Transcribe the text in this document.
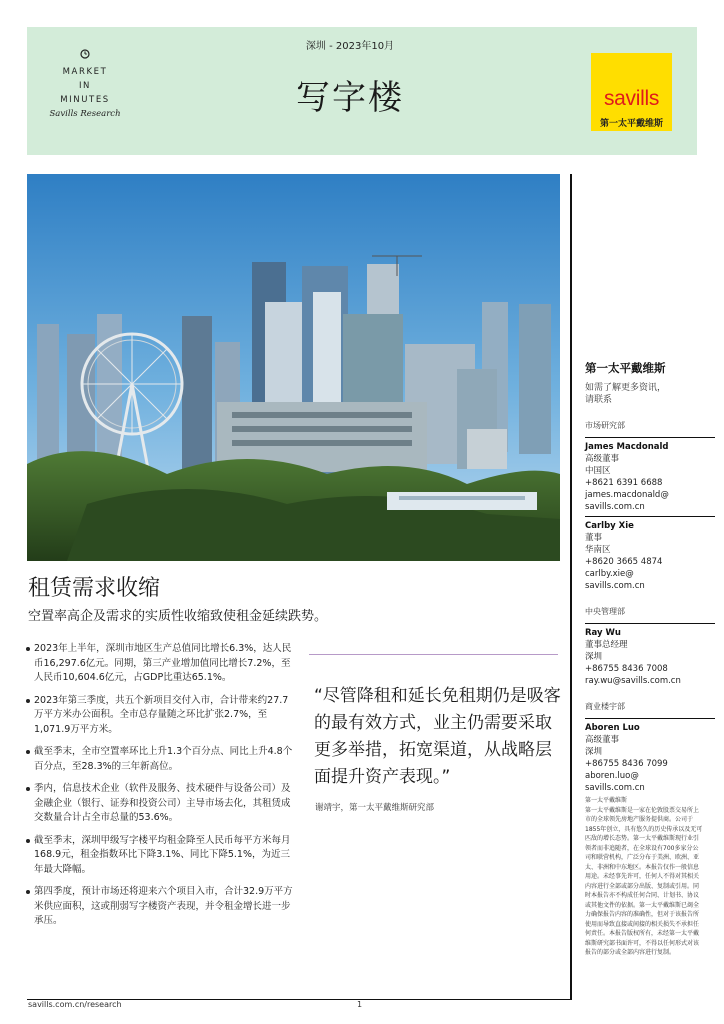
MARKET
IN
MINUTES
Savills Research
深圳 - 2023年10月
写字楼	savills
第一太平戴维斯
租赁需求收缩
空置率高企及需求的实质性收缩致使租金延续跌势。
2023年上半年，深圳市地区生产总值同比增长6.3%，达人民币16,297.6亿元。同期，第三产业增加值同比增长7.2%，至人民币10,604.6亿元，占GDP比重达65.1%。
2023年第三季度，共五个新项目交付入市，合计带来约27.7万平方米办公面积。全市总存量随之环比扩张2.7%，至1,071.9万平方米。
截至季末，全市空置率环比上升1.3个百分点、同比上升4.8个百分点，至28.3%的三年新高位。
季内，信息技术企业（软件及服务、技术硬件与设备公司）及金融企业（银行、证券和投资公司）主导市场去化，其租赁成交数量合计占全市总量的53.6%。
截至季末，深圳甲级写字楼平均租金降至人民币每平方米每月168.9元，租金指数环比下降3.1%、同比下降5.1%，为近三年最大降幅。
第四季度，预计市场还将迎来六个项目入市，合计32.9万平方米供应面积，这或削弱写字楼资产表现，并令租金增长进一步承压。
“尽管降租和延长免租期仍是吸客的最有效方式，业主仍需要采取更多举措，拓宽渠道，从战略层面提升资产表现。”
谢靖宇，第一太平戴维斯研究部
第一太平戴维斯
如需了解更多资讯，
请联系
市场研究部
James Macdonald
高级董事
中国区
+8621 6391 6688
james.macdonald@
savills.com.cn
Carlby Xie
董事
华南区
+8620 3665 4874
carlby.xie@
savills.com.cn
中央管理部
Ray Wu
董事总经理
深圳
+86755 8436 7008
ray.wu@savills.com.cn
商业楼宇部
Aboren Luo
高级董事
深圳
+86755 8436 7099
aboren.luo@
savills.com.cn
第一太平戴维斯
第一太平戴维斯是一家在伦敦股票交易所上市的全球领先房地产服务提供商。公司于1855年创立，具有悠久的历史传承以及无可匹敌的增长态势。第一太平戴维斯现行业引领者而非追随者，在全球设有700多家分公司和联营机构，广泛分布于美洲、欧洲、亚太、非洲和中东地区。本报告仅作一般信息用途。未经事先许可，任何人不得对其相关内容进行全部或部分出版、复制或引用。同时本报告亦不构成任何合同、计划书、协议或其他文件的依据。第一太平戴维斯已竭全力确保报告内容的准确性，但对于该报告所使用而导致直接或间接的相关损失不承担任何责任。本报告版权所有，未经第一太平戴维斯研究部书面许可，不得以任何形式对该报告的部分或全部内容进行复制。
savills.com.cn/research	1
